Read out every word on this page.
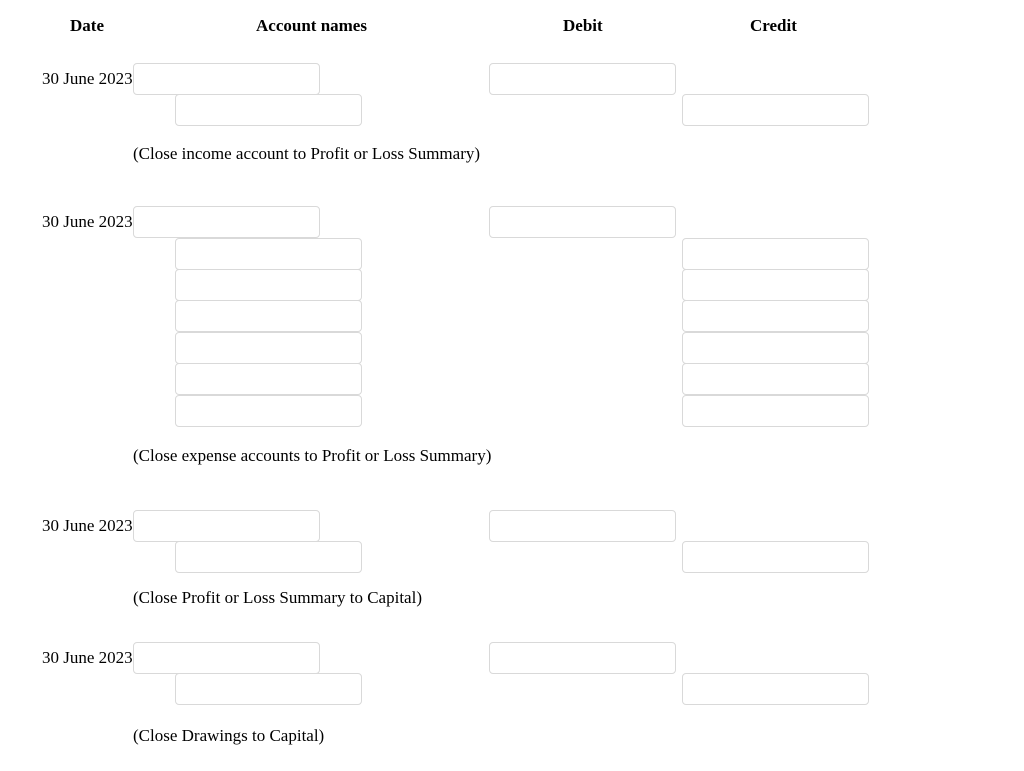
Date	Account names	Debit	Credit
30 June 2023
(Close income account to Profit or Loss Summary)
30 June 2023
(Close expense accounts to Profit or Loss Summary)
30 June 2023
(Close Profit or Loss Summary to Capital)
30 June 2023
(Close Drawings to Capital)
